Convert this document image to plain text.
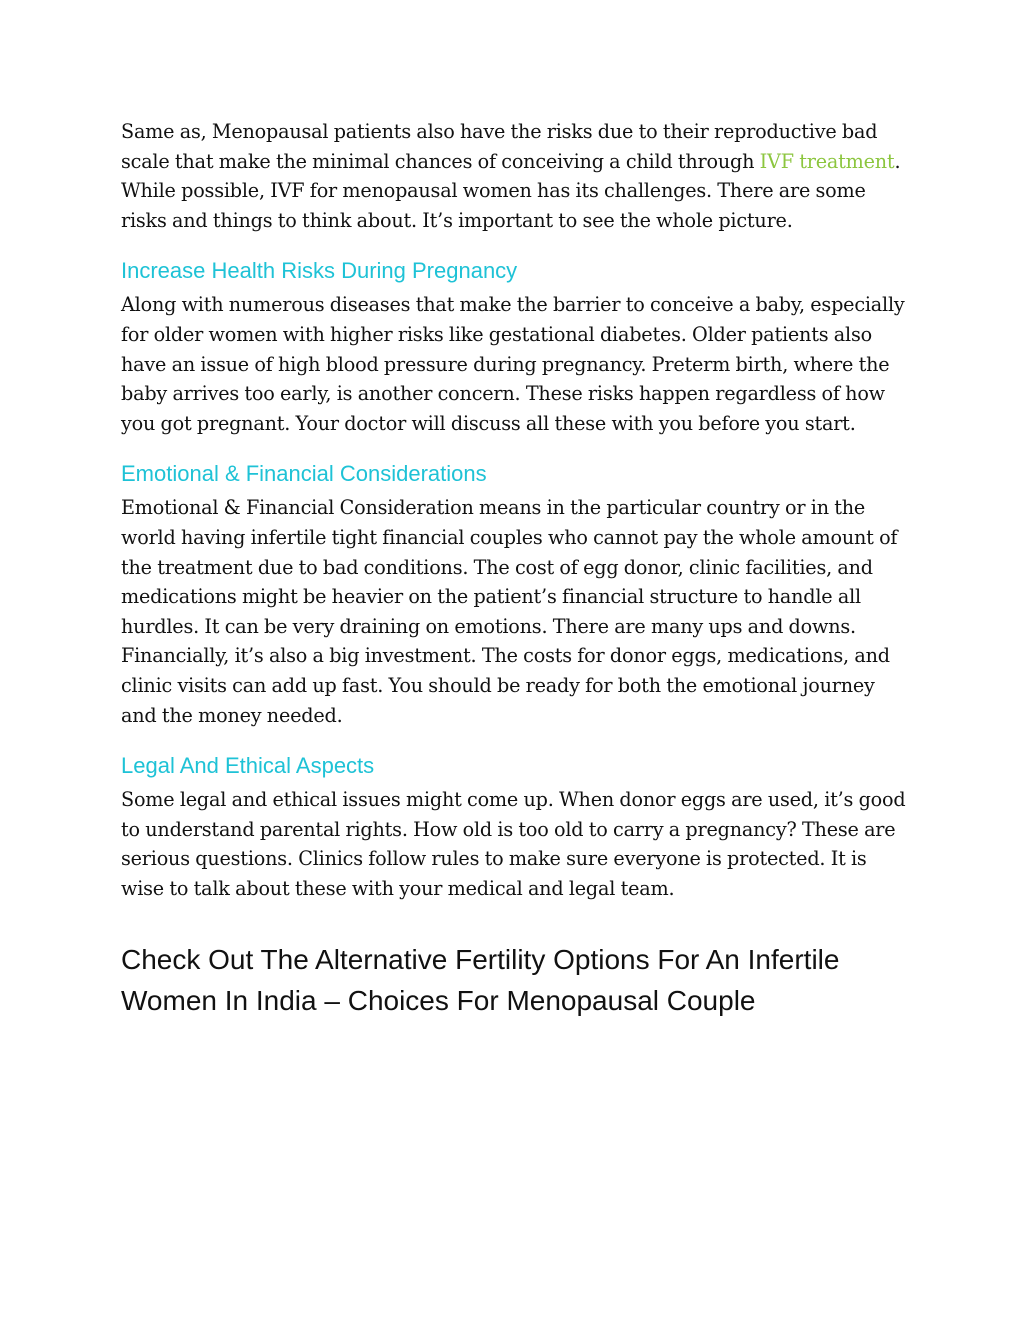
Same as, Menopausal patients also have the risks due to their reproductive bad scale that make the minimal chances of conceiving a child through IVF treatment. While possible, IVF for menopausal women has its challenges. There are some risks and things to think about. It’s important to see the whole picture.

Increase Health Risks During Pregnancy

Along with numerous diseases that make the barrier to conceive a baby, especially for older women with higher risks like gestational diabetes. Older patients also have an issue of high blood pressure during pregnancy. Preterm birth, where the baby arrives too early, is another concern. These risks happen regardless of how you got pregnant. Your doctor will discuss all these with you before you start.

Emotional & Financial Considerations

Emotional & Financial Consideration means in the particular country or in the world having infertile tight financial couples who cannot pay the whole amount of the treatment due to bad conditions. The cost of egg donor, clinic facilities, and medications might be heavier on the patient’s financial structure to handle all hurdles. It can be very draining on emotions. There are many ups and downs. Financially, it’s also a big investment. The costs for donor eggs, medications, and clinic visits can add up fast. You should be ready for both the emotional journey and the money needed.

Legal And Ethical Aspects

Some legal and ethical issues might come up. When donor eggs are used, it’s good to understand parental rights. How old is too old to carry a pregnancy? These are serious questions. Clinics follow rules to make sure everyone is protected. It is wise to talk about these with your medical and legal team.

Check Out The Alternative Fertility Options For An Infertile Women In India – Choices For Menopausal Couple
